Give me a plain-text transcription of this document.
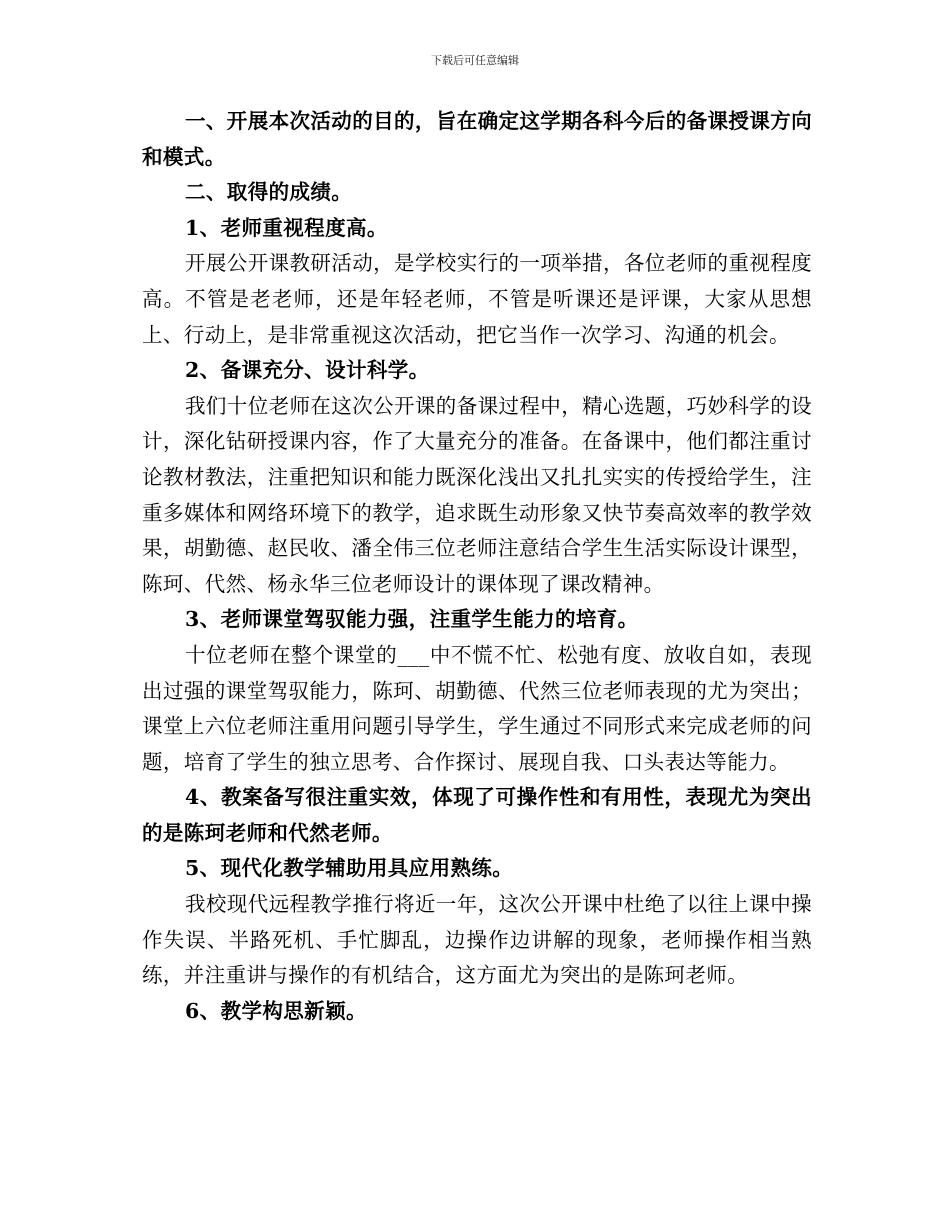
下载后可任意编辑

一、开展本次活动的目的，旨在确定这学期各科今后的备课授课方向和模式。

二、取得的成绩。

1、老师重视程度高。

开展公开课教研活动，是学校实行的一项举措，各位老师的重视程度高。不管是老老师，还是年轻老师，不管是听课还是评课，大家从思想上、行动上，是非常重视这次活动，把它当作一次学习、沟通的机会。

2、备课充分、设计科学。

我们十位老师在这次公开课的备课过程中，精心选题，巧妙科学的设计，深化钻研授课内容，作了大量充分的准备。在备课中，他们都注重讨论教材教法，注重把知识和能力既深化浅出又扎扎实实的传授给学生，注重多媒体和网络环境下的教学，追求既生动形象又快节奏高效率的教学效果，胡勤德、赵民收、潘全伟三位老师注意结合学生生活实际设计课型，陈珂、代然、杨永华三位老师设计的课体现了课改精神。

3、老师课堂驾驭能力强，注重学生能力的培育。

十位老师在整个课堂的___中不慌不忙、松弛有度、放收自如，表现出过强的课堂驾驭能力，陈珂、胡勤德、代然三位老师表现的尤为突出；课堂上六位老师注重用问题引导学生，学生通过不同形式来完成老师的问题，培育了学生的独立思考、合作探讨、展现自我、口头表达等能力。

4、教案备写很注重实效，体现了可操作性和有用性，表现尤为突出的是陈珂老师和代然老师。

5、现代化教学辅助用具应用熟练。

我校现代远程教学推行将近一年，这次公开课中杜绝了以往上课中操作失误、半路死机、手忙脚乱，边操作边讲解的现象，老师操作相当熟练，并注重讲与操作的有机结合，这方面尤为突出的是陈珂老师。

6、教学构思新颖。
